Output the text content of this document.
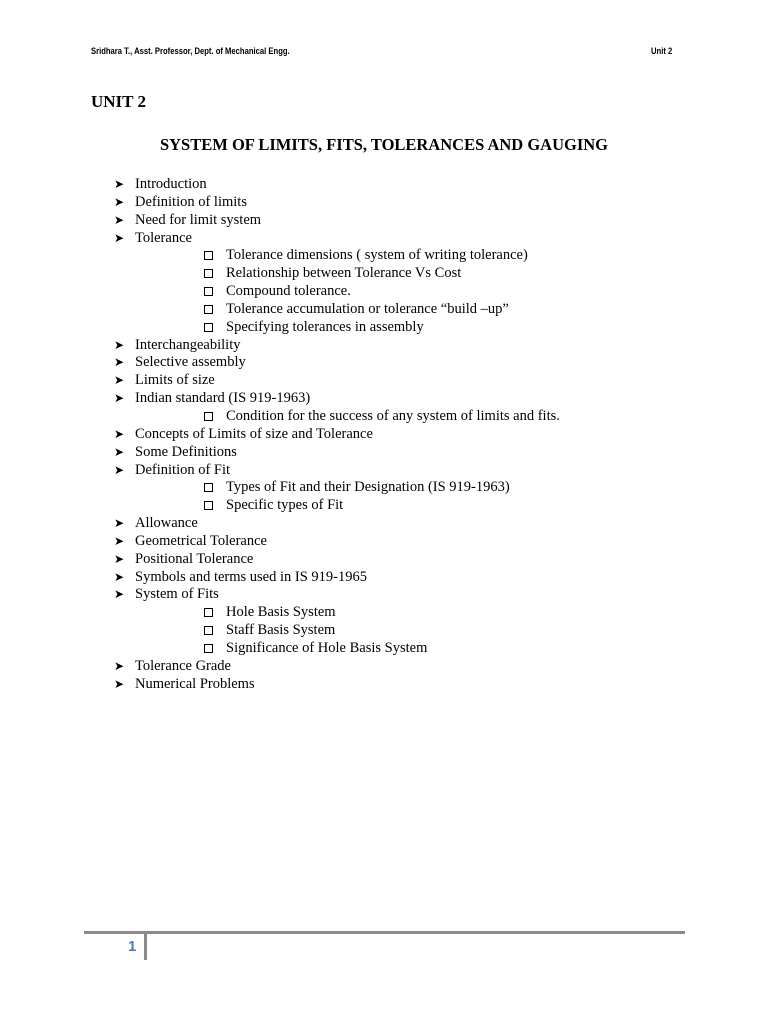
Sridhara T., Asst. Professor, Dept. of Mechanical Engg.	Unit 2
UNIT 2
SYSTEM OF LIMITS, FITS, TOLERANCES AND GAUGING
➤ Introduction
➤ Definition of limits
➤ Need for limit system
➤ Tolerance
Tolerance dimensions ( system of writing tolerance)
Relationship between Tolerance Vs Cost
Compound tolerance.
Tolerance accumulation or tolerance “build –up”
Specifying tolerances in assembly
➤ Interchangeability
➤ Selective assembly
➤ Limits of size
➤ Indian standard (IS 919-1963)
Condition for the success of any system of limits and fits.
➤ Concepts of Limits of size and Tolerance
➤ Some Definitions
➤ Definition of Fit
Types of Fit and their Designation (IS 919-1963)
Specific types of Fit
➤ Allowance
➤ Geometrical Tolerance
➤ Positional Tolerance
➤ Symbols and terms used in IS 919-1965
➤ System of Fits
Hole Basis System
Staff Basis System
Significance of Hole Basis System
➤ Tolerance Grade
➤ Numerical Problems
1
